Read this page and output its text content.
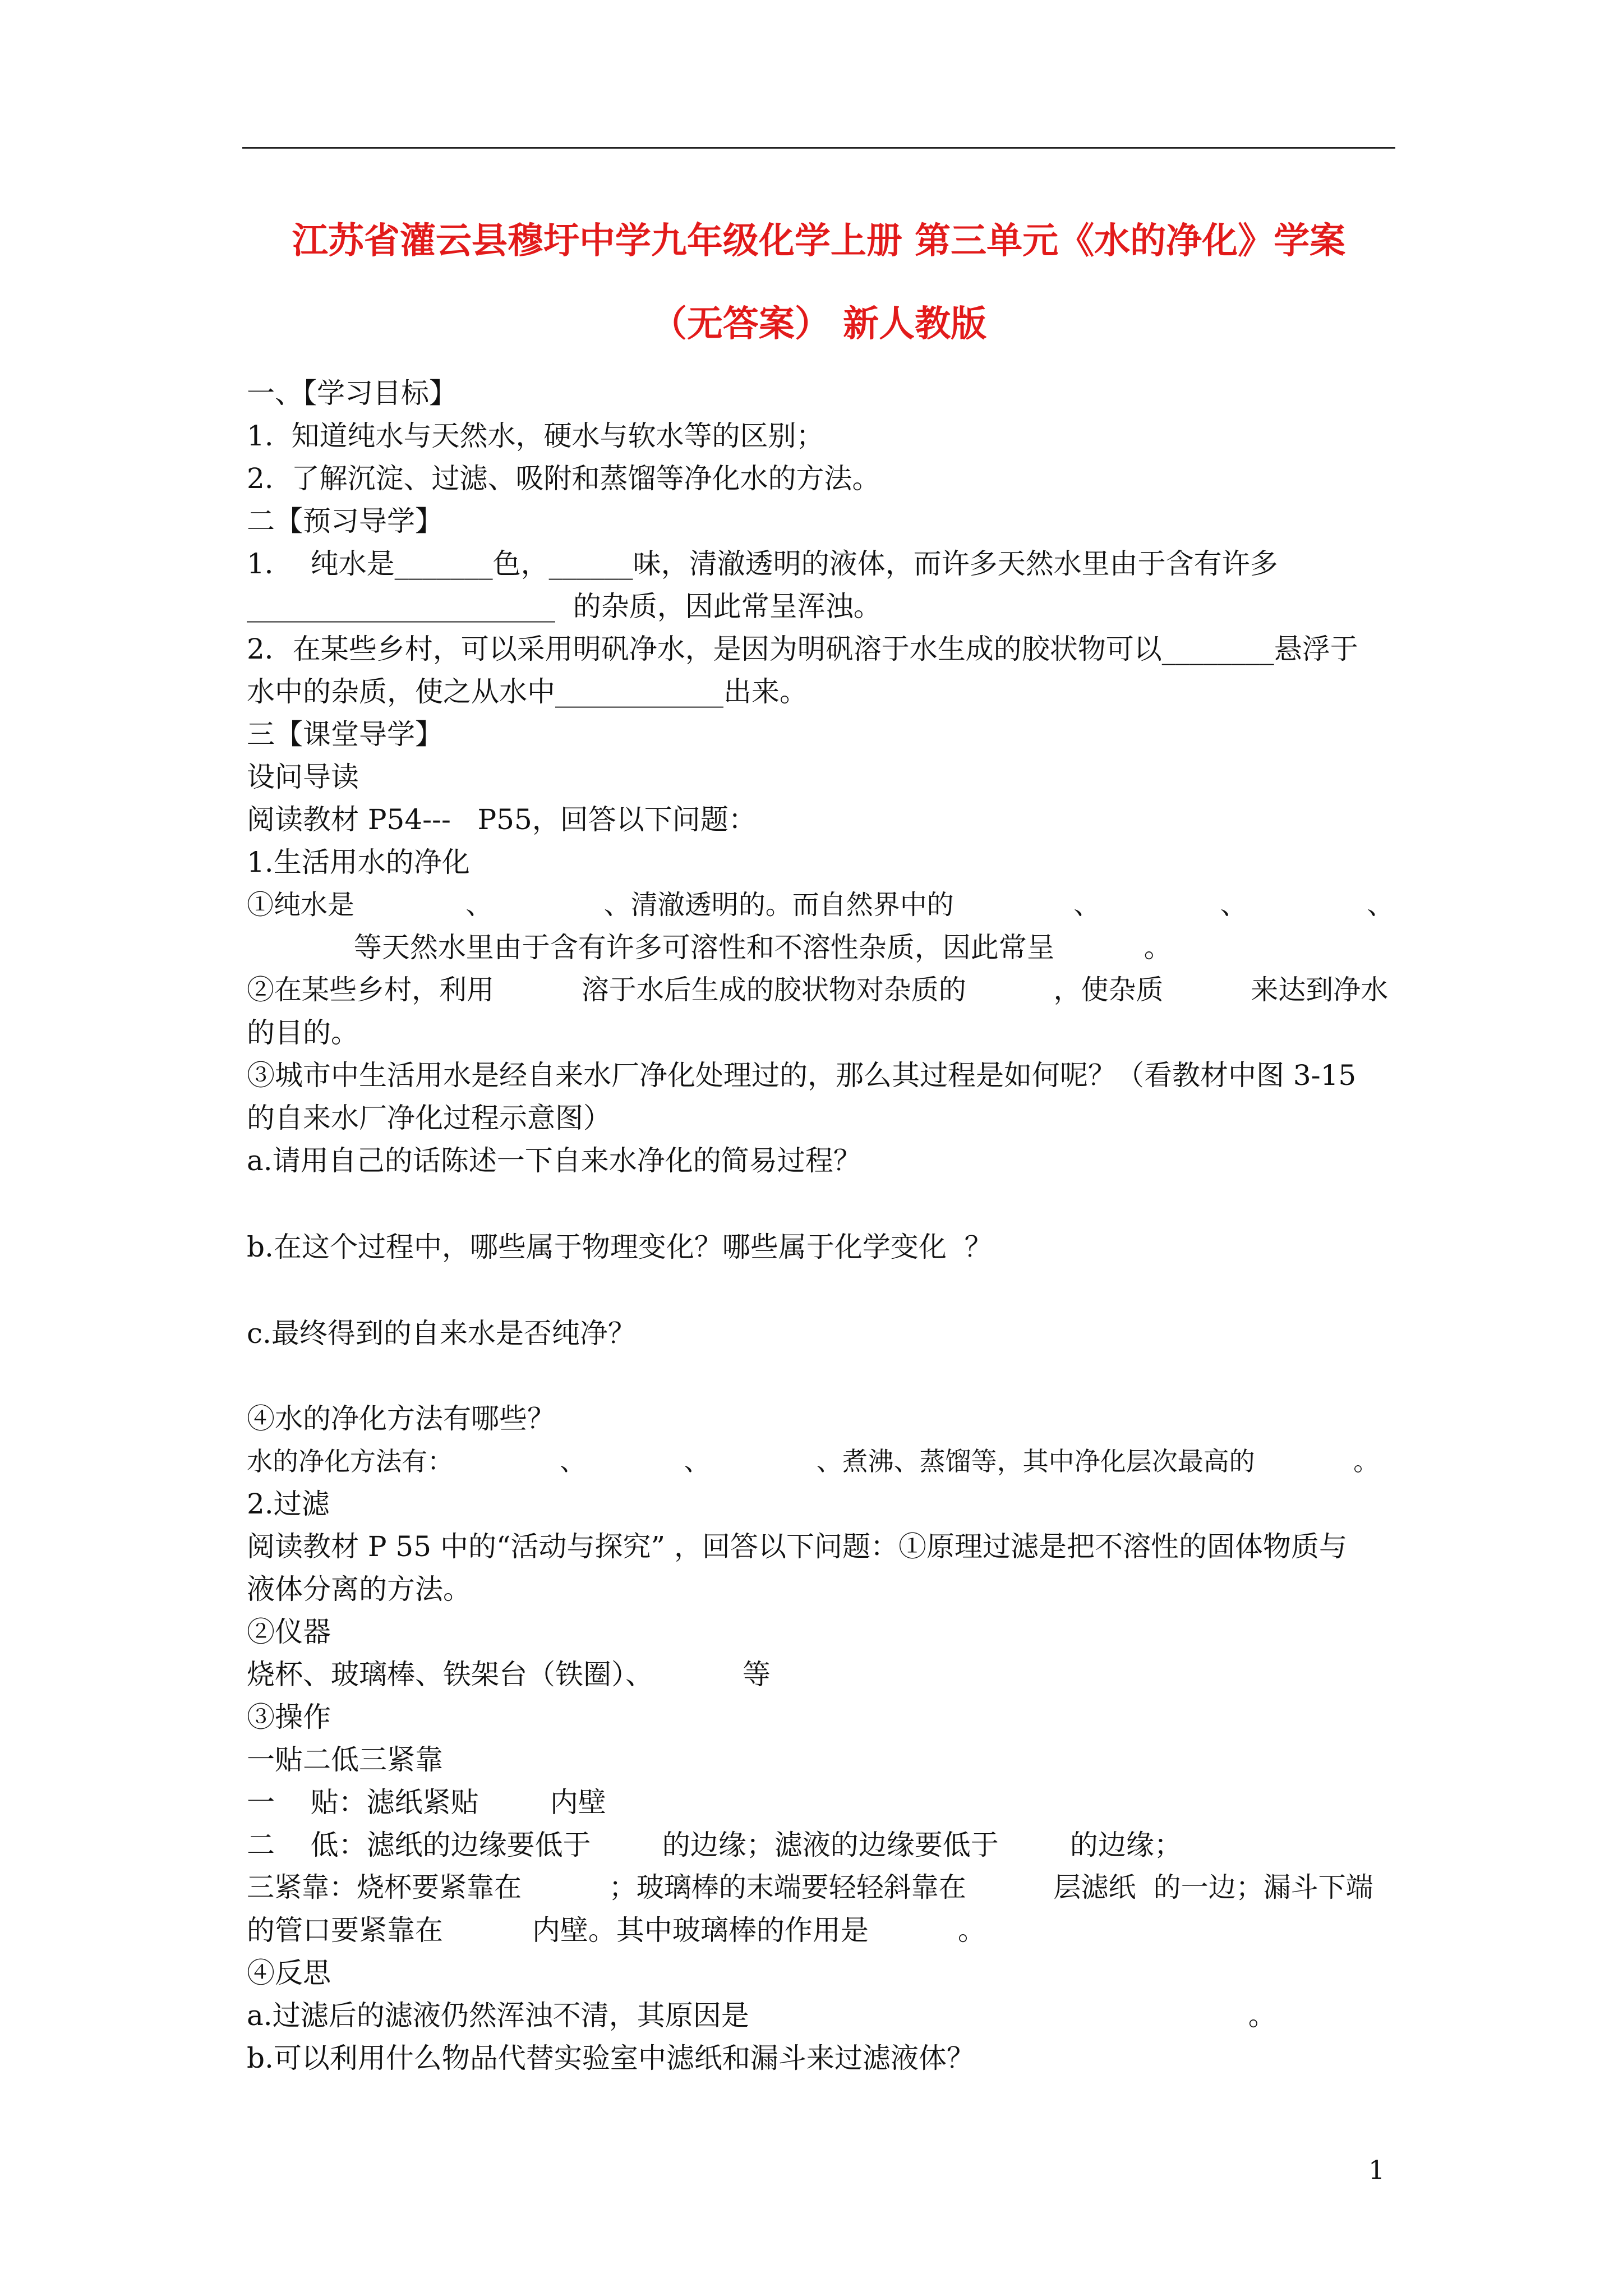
江苏省灌云县穆圩中学九年级化学上册 第三单元《水的净化》学案
（无答案） 新人教版
一、【学习目标】
1.  知道纯水与天然水，硬水与软水等的区别；
2.  了解沉淀、过滤、吸附和蒸馏等净化水的方法。
二【预习导学】
1．  纯水是_______色，______味，清澈透明的液体，而许多天然水里由于含有许多
______________________  的杂质，因此常呈浑浊。
2．在某些乡村，可以采用明矾净水，是因为明矾溶于水生成的胶状物可以________悬浮于
水中的杂质，使之从水中____________出来。
三【课堂导学】
设问导读
阅读教材 P54---   P55，回答以下问题：
1.生活用水的净化
①纯水是             、             、清澈透明的。而自然界中的              、              、              、
等天然水里由于含有许多可溶性和不溶性杂质，因此常呈          。
②在某些乡村，利用          溶于水后生成的胶状物对杂质的          ，使杂质          来达到净水
的目的。
③城市中生活用水是经自来水厂净化处理过的，那么其过程是如何呢？（看教材中图 3-15
的自来水厂净化过程示意图）
a.请用自己的话陈述一下自来水净化的简易过程？
b.在这个过程中，哪些属于物理变化？哪些属于化学变化  ？
c.最终得到的自来水是否纯净？
④水的净化方法有哪些？
水的净化方法有：             、            、             、煮沸、蒸馏等，其中净化层次最高的            。
2.过滤
阅读教材 P 55 中的“活动与探究” ，回答以下问题：①原理过滤是把不溶性的固体物质与
液体分离的方法。
②仪器
烧杯、玻璃棒、铁架台（铁圈）、          等
③操作
一贴二低三紧靠
一    贴：滤纸紧贴        内壁
二    低：滤纸的边缘要低于        的边缘；滤液的边缘要低于        的边缘；
三紧靠：烧杯要紧靠在          ；玻璃棒的末端要轻轻斜靠在          层滤纸  的一边；漏斗下端
的管口要紧靠在          内壁。其中玻璃棒的作用是          。
④反思
a.过滤后的滤液仍然浑浊不清，其原因是                                                        。
b.可以利用什么物品代替实验室中滤纸和漏斗来过滤液体？
1
